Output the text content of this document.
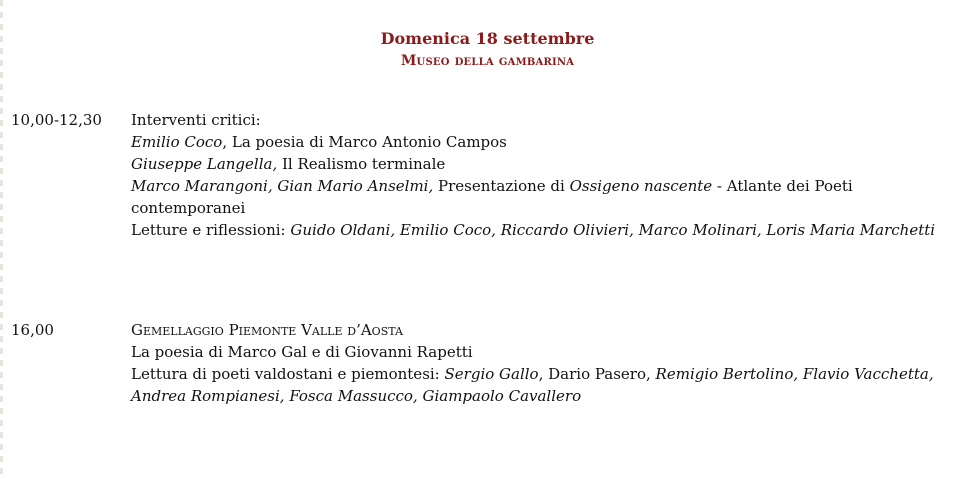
Domenica 18 settembre
Museo della gambarina
10,00-12,30	Interventi critici:
Emilio Coco, La poesia di Marco Antonio Campos
Giuseppe Langella, Il Realismo terminale
Marco Marangoni, Gian Mario Anselmi, Presentazione di Ossigeno nascente - Atlante dei Poeti contemporanei
Letture e riflessioni: Guido Oldani, Emilio Coco, Riccardo Olivieri, Marco Molinari, Loris Maria Marchetti
16,00	Gemellaggio Piemonte Valle d’Aosta
La poesia di Marco Gal e di Giovanni Rapetti
Lettura di poeti valdostani e piemontesi: Sergio Gallo, Dario Pasero, Remigio Bertolino, Flavio Vacchetta, Andrea Rompianesi, Fosca Massucco, Giampaolo Cavallero
